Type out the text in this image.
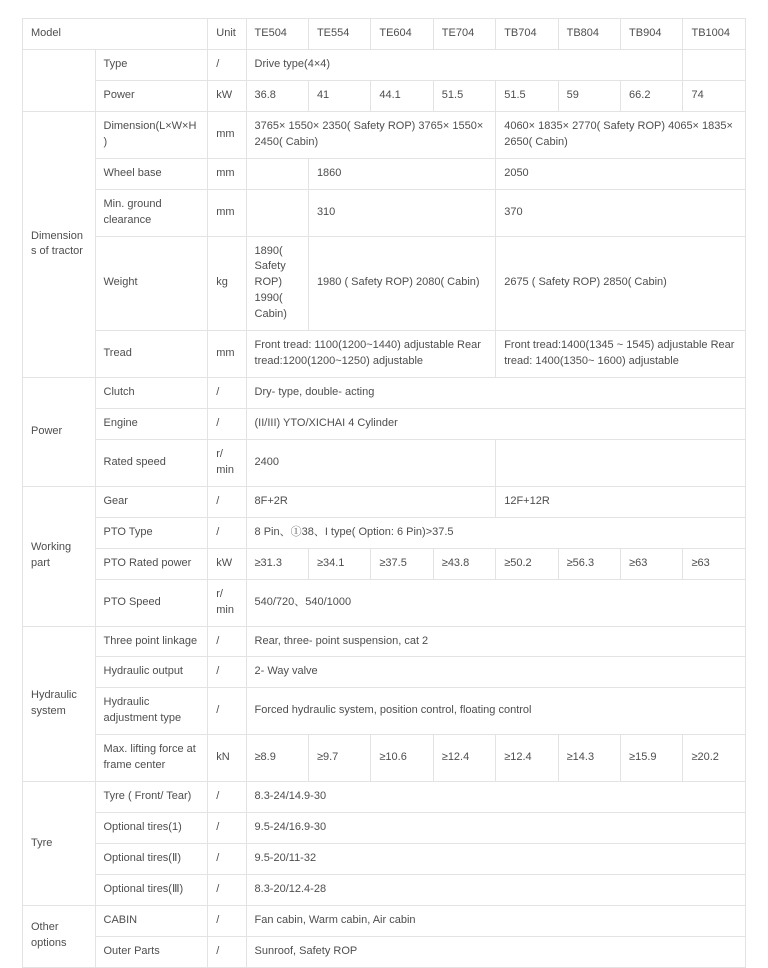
Model		Unit	TE504	TE554	TE604	TE704	TB704	TB804	TB904	TB1004
	Type	/	Drive type(4×4)							
	Power	kW	36.8	41	44.1	51.5	51.5	59	66.2	74
Dimensions of tractor	Dimension(L×W×H)	mm	3765× 1550× 2350( Safety ROP) 3765× 1550× 2450( Cabin)				4060× 1835× 2770( Safety ROP) 4065× 1835× 2650( Cabin)			
	Wheel base	mm		1860			2050			
	Min. ground clearance	mm		310			370			
	Weight	kg	1890( Safety ROP) 1990( Cabin)	1980 ( Safety ROP) 2080( Cabin)			2675 ( Safety ROP) 2850( Cabin)			
	Tread	mm	Front tread: 1100(1200~1440) adjustable Rear tread:1200(1200~1250) adjustable				Front tread:1400(1345 ~ 1545) adjustable Rear tread: 1400(1350~ 1600) adjustable			
Power	Clutch	/	Dry- type, double- acting							
	Engine	/	(II/III) YTO/XICHAI 4 Cylinder							
	Rated speed	r/ min	2400							
Working part	Gear	/	8F+2R				12F+12R			
	PTO Type	/	8 Pin、①38、I type( Option: 6 Pin)>37.5							
	PTO Rated power	kW	≥31.3	≥34.1	≥37.5	≥43.8	≥50.2	≥56.3	≥63	≥63
	PTO Speed	r/ min	540/720、540/1000							
Hydraulic system	Three point linkage	/	Rear, three- point suspension, cat 2							
	Hydraulic output	/	2- Way valve							
	Hydraulic adjustment type	/	Forced hydraulic system, position control, floating control							
	Max. lifting force at frame center	kN	≥8.9	≥9.7	≥10.6	≥12.4	≥12.4	≥14.3	≥15.9	≥20.2
Tyre	Tyre ( Front/ Tear)	/	8.3-24/14.9-30							
	Optional tires(1)	/	9.5-24/16.9-30							
	Optional tires(Ⅱ)	/	9.5-20/11-32							
	Optional tires(Ⅲ)	/	8.3-20/12.4-28							
Other options	CABIN	/	Fan cabin, Warm cabin, Air cabin							
	Outer Parts	/	Sunroof, Safety ROP							
